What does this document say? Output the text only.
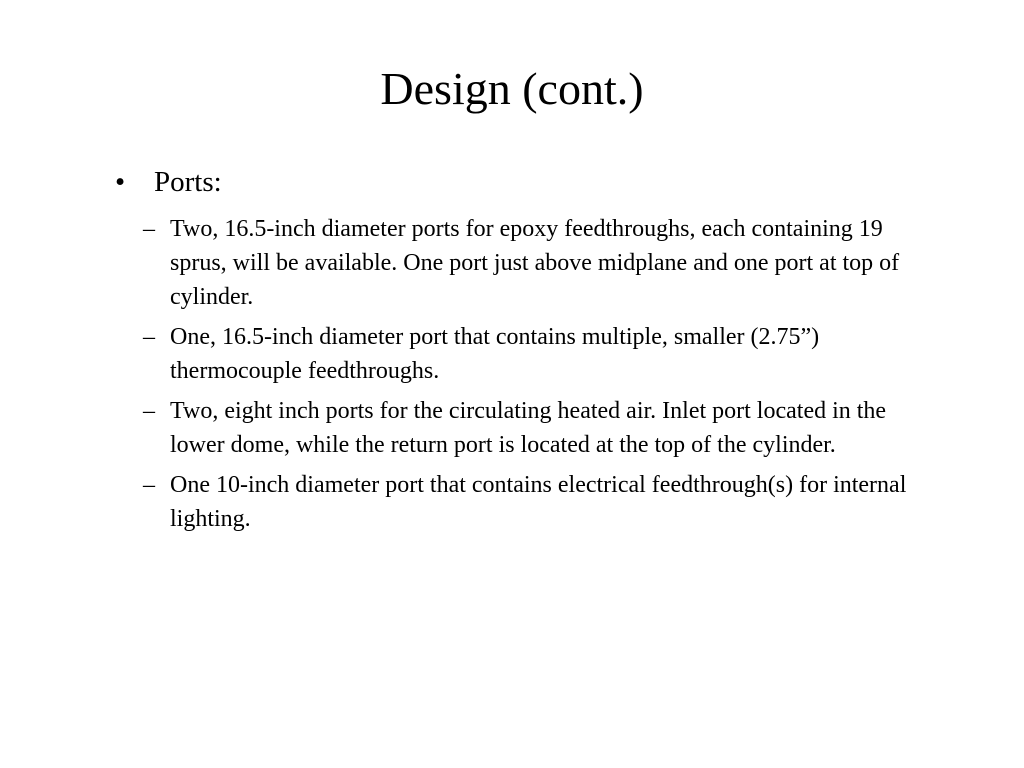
Design (cont.)
• Ports:
– Two, 16.5-inch diameter ports for epoxy feedthroughs, each containing 19 sprus, will be available. One port just above midplane and one port at top of cylinder.
– One, 16.5-inch diameter port that contains multiple, smaller (2.75”) thermocouple feedthroughs.
– Two, eight inch ports for the circulating heated air. Inlet port located in the lower dome, while the return port is located at the top of the cylinder.
– One 10-inch diameter port that contains electrical feedthrough(s) for internal lighting.
